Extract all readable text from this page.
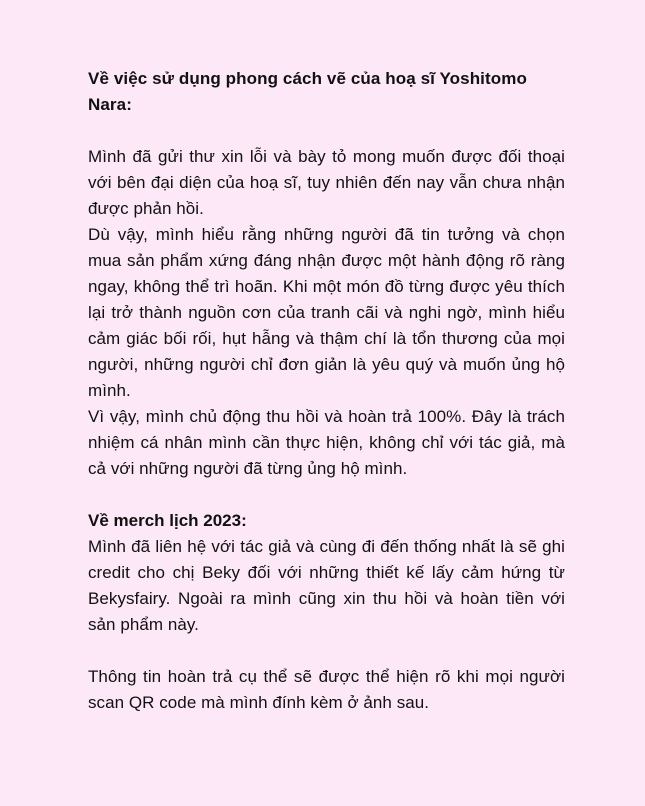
Về việc sử dụng phong cách vẽ của hoạ sĩ Yoshitomo Nara:

Mình đã gửi thư xin lỗi và bày tỏ mong muốn được đối thoại với bên đại diện của hoạ sĩ, tuy nhiên đến nay vẫn chưa nhận được phản hồi.

Dù vậy, mình hiểu rằng những người đã tin tưởng và chọn mua sản phẩm xứng đáng nhận được một hành động rõ ràng ngay, không thể trì hoãn. Khi một món đồ từng được yêu thích lại trở thành nguồn cơn của tranh cãi và nghi ngờ, mình hiểu cảm giác bối rối, hụt hẫng và thậm chí là tổn thương của mọi người, những người chỉ đơn giản là yêu quý và muốn ủng hộ mình.

Vì vậy, mình chủ động thu hồi và hoàn trả 100%. Đây là trách nhiệm cá nhân mình cần thực hiện, không chỉ với tác giả, mà cả với những người đã từng ủng hộ mình.

Về merch lịch 2023:

Mình đã liên hệ với tác giả và cùng đi đến thống nhất là sẽ ghi credit cho chị Beky đối với những thiết kế lấy cảm hứng từ Bekysfairy. Ngoài ra mình cũng xin thu hồi và hoàn tiền với sản phẩm này.

Thông tin hoàn trả cụ thể sẽ được thể hiện rõ khi mọi người scan QR code mà mình đính kèm ở ảnh sau.
